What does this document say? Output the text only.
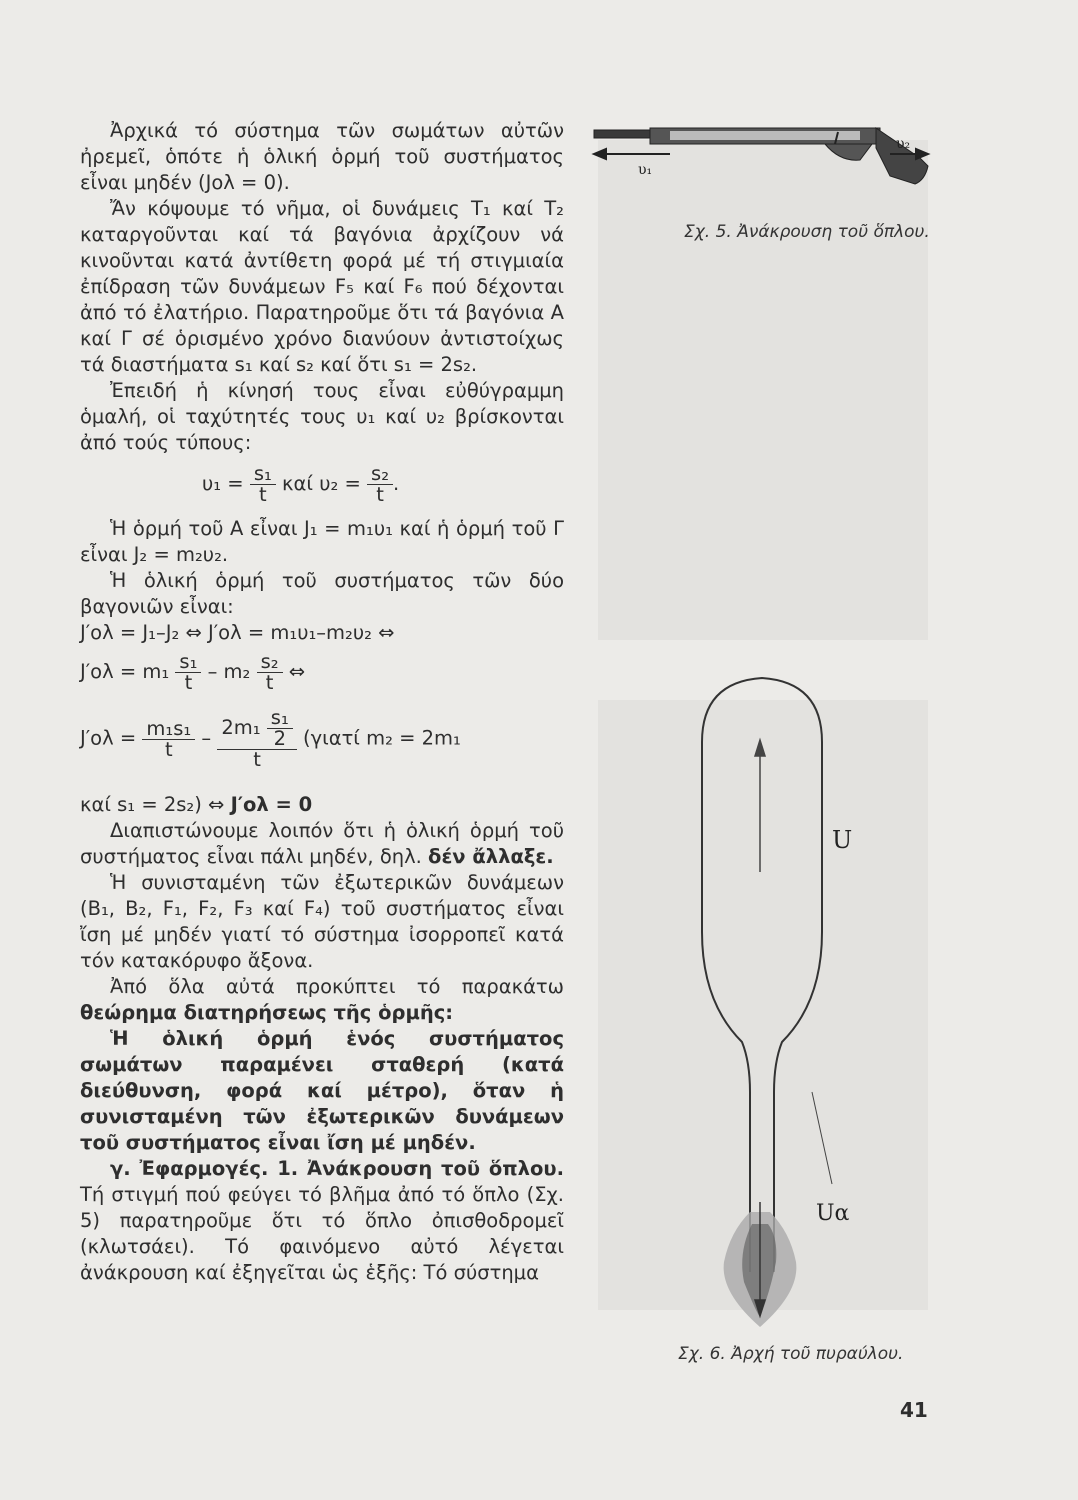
Ἀρχικά τό σύστημα τῶν σωμάτων αὐτῶν ἠρεμεῖ, ὁπότε ἡ ὁλική ὁρμή τοῦ συστήματος εἶναι μηδέν (Jολ = 0).

Ἄν κόψουμε τό νῆμα, οἱ δυνάμεις T₁ καί T₂ καταργοῦνται καί τά βαγόνια ἀρχίζουν νά κινοῦνται κατά ἀντίθετη φορά μέ τή στιγμιαία ἐπίδραση τῶν δυνάμεων F₅ καί F₆ πού δέχονται ἀπό τό ἐλατήριο. Παρατηροῦμε ὅτι τά βαγόνια A καί Γ σέ ὁρισμένο χρόνο διανύουν ἀντιστοίχως τά διαστήματα s₁ καί s₂ καί ὅτι s₁ = 2s₂.

Ἐπειδή ἡ κίνησή τους εἶναι εὐθύγραμμη ὁμαλή, οἱ ταχύτητές τους υ₁ καί υ₂ βρίσκονται ἀπό τούς τύπους:

$\upsilon_1 = \frac{\text{s₁}}{t}$ καί $\upsilon_2 = \frac{\text{s₂}}{t}$ .

Ἡ ὁρμή τοῦ A εἶναι J₁ = m₁υ₁ καί ἡ ὁρμή τοῦ Γ εἶναι J₂ = m₂υ₂.

Ἡ ὁλική ὁρμή τοῦ συστήματος τῶν δύο βαγονιῶν εἶναι:

J′ολ = J₁–J₂ ⇔ J′ολ = m₁υ₁–m₂υ₂ ⇔
$J'o\lambda = m_1 \frac{\text{s₁}}{t} - m_2 \frac{\text{s₂}}{t}$ ⇔
$J'o\lambda = \frac{\text{m₁s₁}}{t} - \frac{2m_1 \frac{\text{s₁}}{2}}{t} (\gamma\iota\alpha\tau ί$ m₂ = 2m₁
καί s₁ = 2s₂) ⇔ J′ολ = 0

Διαπιστώνουμε λοιπόν ὅτι ἡ ὁλική ὁρμή τοῦ συστήματος εἶναι πάλι μηδέν, δηλ. δέν ἄλλαξε.

Ἡ συνισταμένη τῶν ἐξωτερικῶν δυνάμεων (B₁, B₂, F₁, F₂, F₃ καί F₄) τοῦ συστήματος εἶναι ἴση μέ μηδέν γιατί τό σύστημα ἰσορροπεῖ κατά τόν κατακόρυφο ἄξονα.

Ἀπό ὅλα αὐτά προκύπτει τό παρακάτω θεώρημα διατηρήσεως τῆς ὁρμῆς:

Ἡ ὁλική ὁρμή ἑνός συστήματος σωμάτων παραμένει σταθερή (κατά διεύθυνση, φορά καί μέτρο), ὅταν ἡ συνισταμένη τῶν ἐξωτερικῶν δυνάμεων τοῦ συστήματος εἶναι ἴση μέ μηδέν.

γ. Ἐφαρμογές. 1. Ἀνάκρουση τοῦ ὅπλου. Τή στιγμή πού φεύγει τό βλῆμα ἀπό τό ὅπλο (Σχ. 5) παρατηροῦμε ὅτι τό ὅπλο ὀπισθοδρομεῖ (κλωτσάει). Τό φαινόμενο αὐτό λέγεται ἀνάκρουση καί ἐξηγεῖται ὡς ἑξῆς: Τό σύστημα

υ₁
υ₂
Σχ. 5. Ἀνάκρουση τοῦ ὅπλου.
U
Uα
Σχ. 6. Ἀρχή τοῦ πυραύλου.
41
